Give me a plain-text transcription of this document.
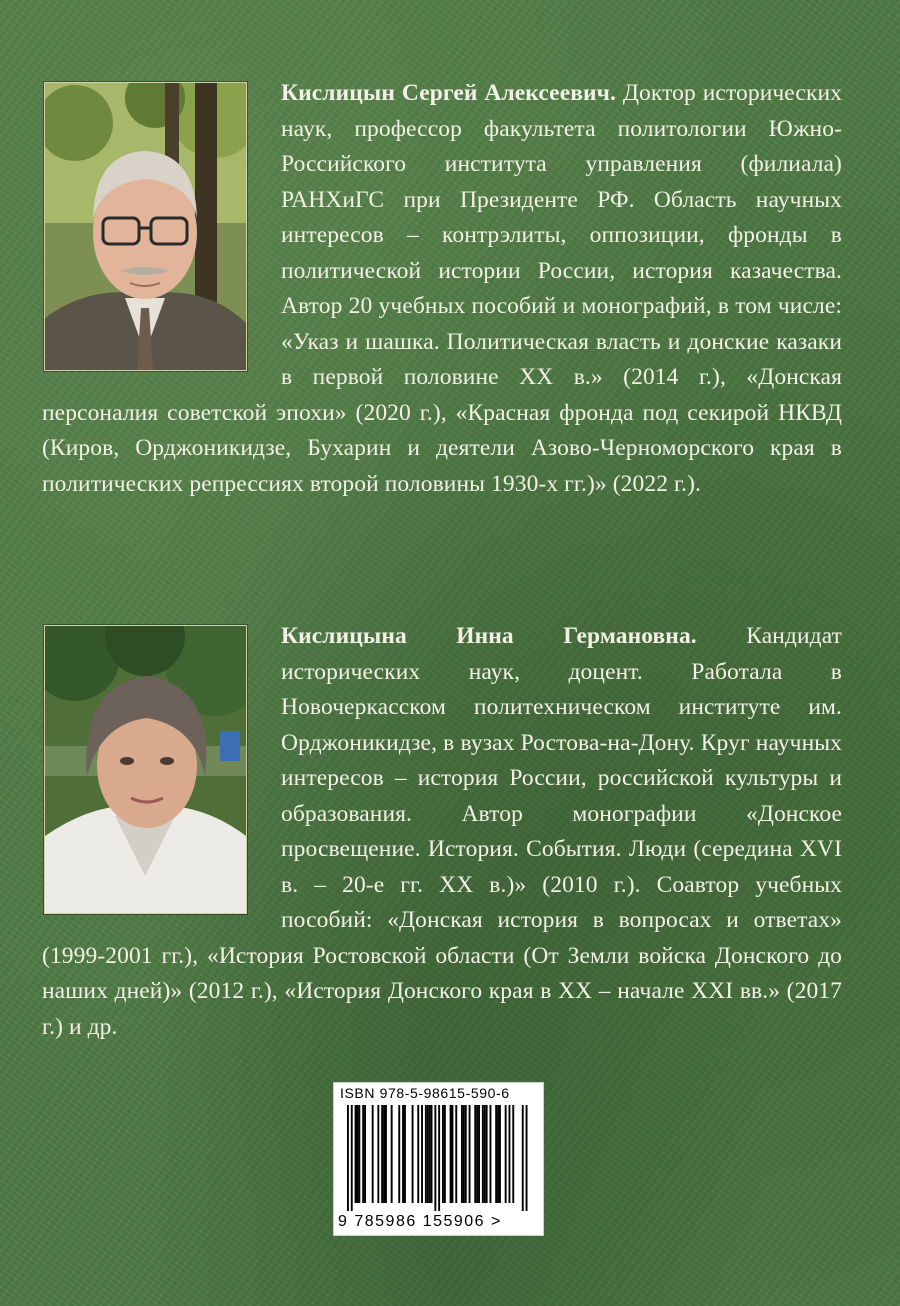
Кислицын Сергей Алексеевич. Доктор исторических наук, профессор факультета политологии Южно-Российского института управления (филиала) РАНХиГС при Президенте РФ. Область научных интересов – контрэлиты, оппозиции, фронды в политической истории России, история казачества. Автор 20 учебных пособий и монографий, в том числе: «Указ и шашка. Политическая власть и донские казаки в первой половине XX в.» (2014 г.), «Донская персоналия советской эпохи» (2020 г.), «Красная фронда под секирой НКВД (Киров, Орджоникидзе, Бухарин и деятели Азово-Черноморского края в политических репрессиях второй половины 1930-х гг.)» (2022 г.).
Кислицына Инна Германовна. Кандидат исторических наук, доцент. Работала в Новочеркасском политехническом институте им. Орджоникидзе, в вузах Ростова-на-Дону. Круг научных интересов – история России, российской культуры и образования. Автор монографии «Донское просвещение. История. События. Люди (середина XVI в. – 20-е гг. XX в.)» (2010 г.). Соавтор учебных пособий: «Донская история в вопросах и ответах» (1999-2001 гг.), «История Ростовской области (От Земли войска Донского до наших дней)» (2012 г.), «История Донского края в XX – начале XXI вв.» (2017 г.) и др.
ISBN 978-5-98615-590-6
9 785986 155906 >
